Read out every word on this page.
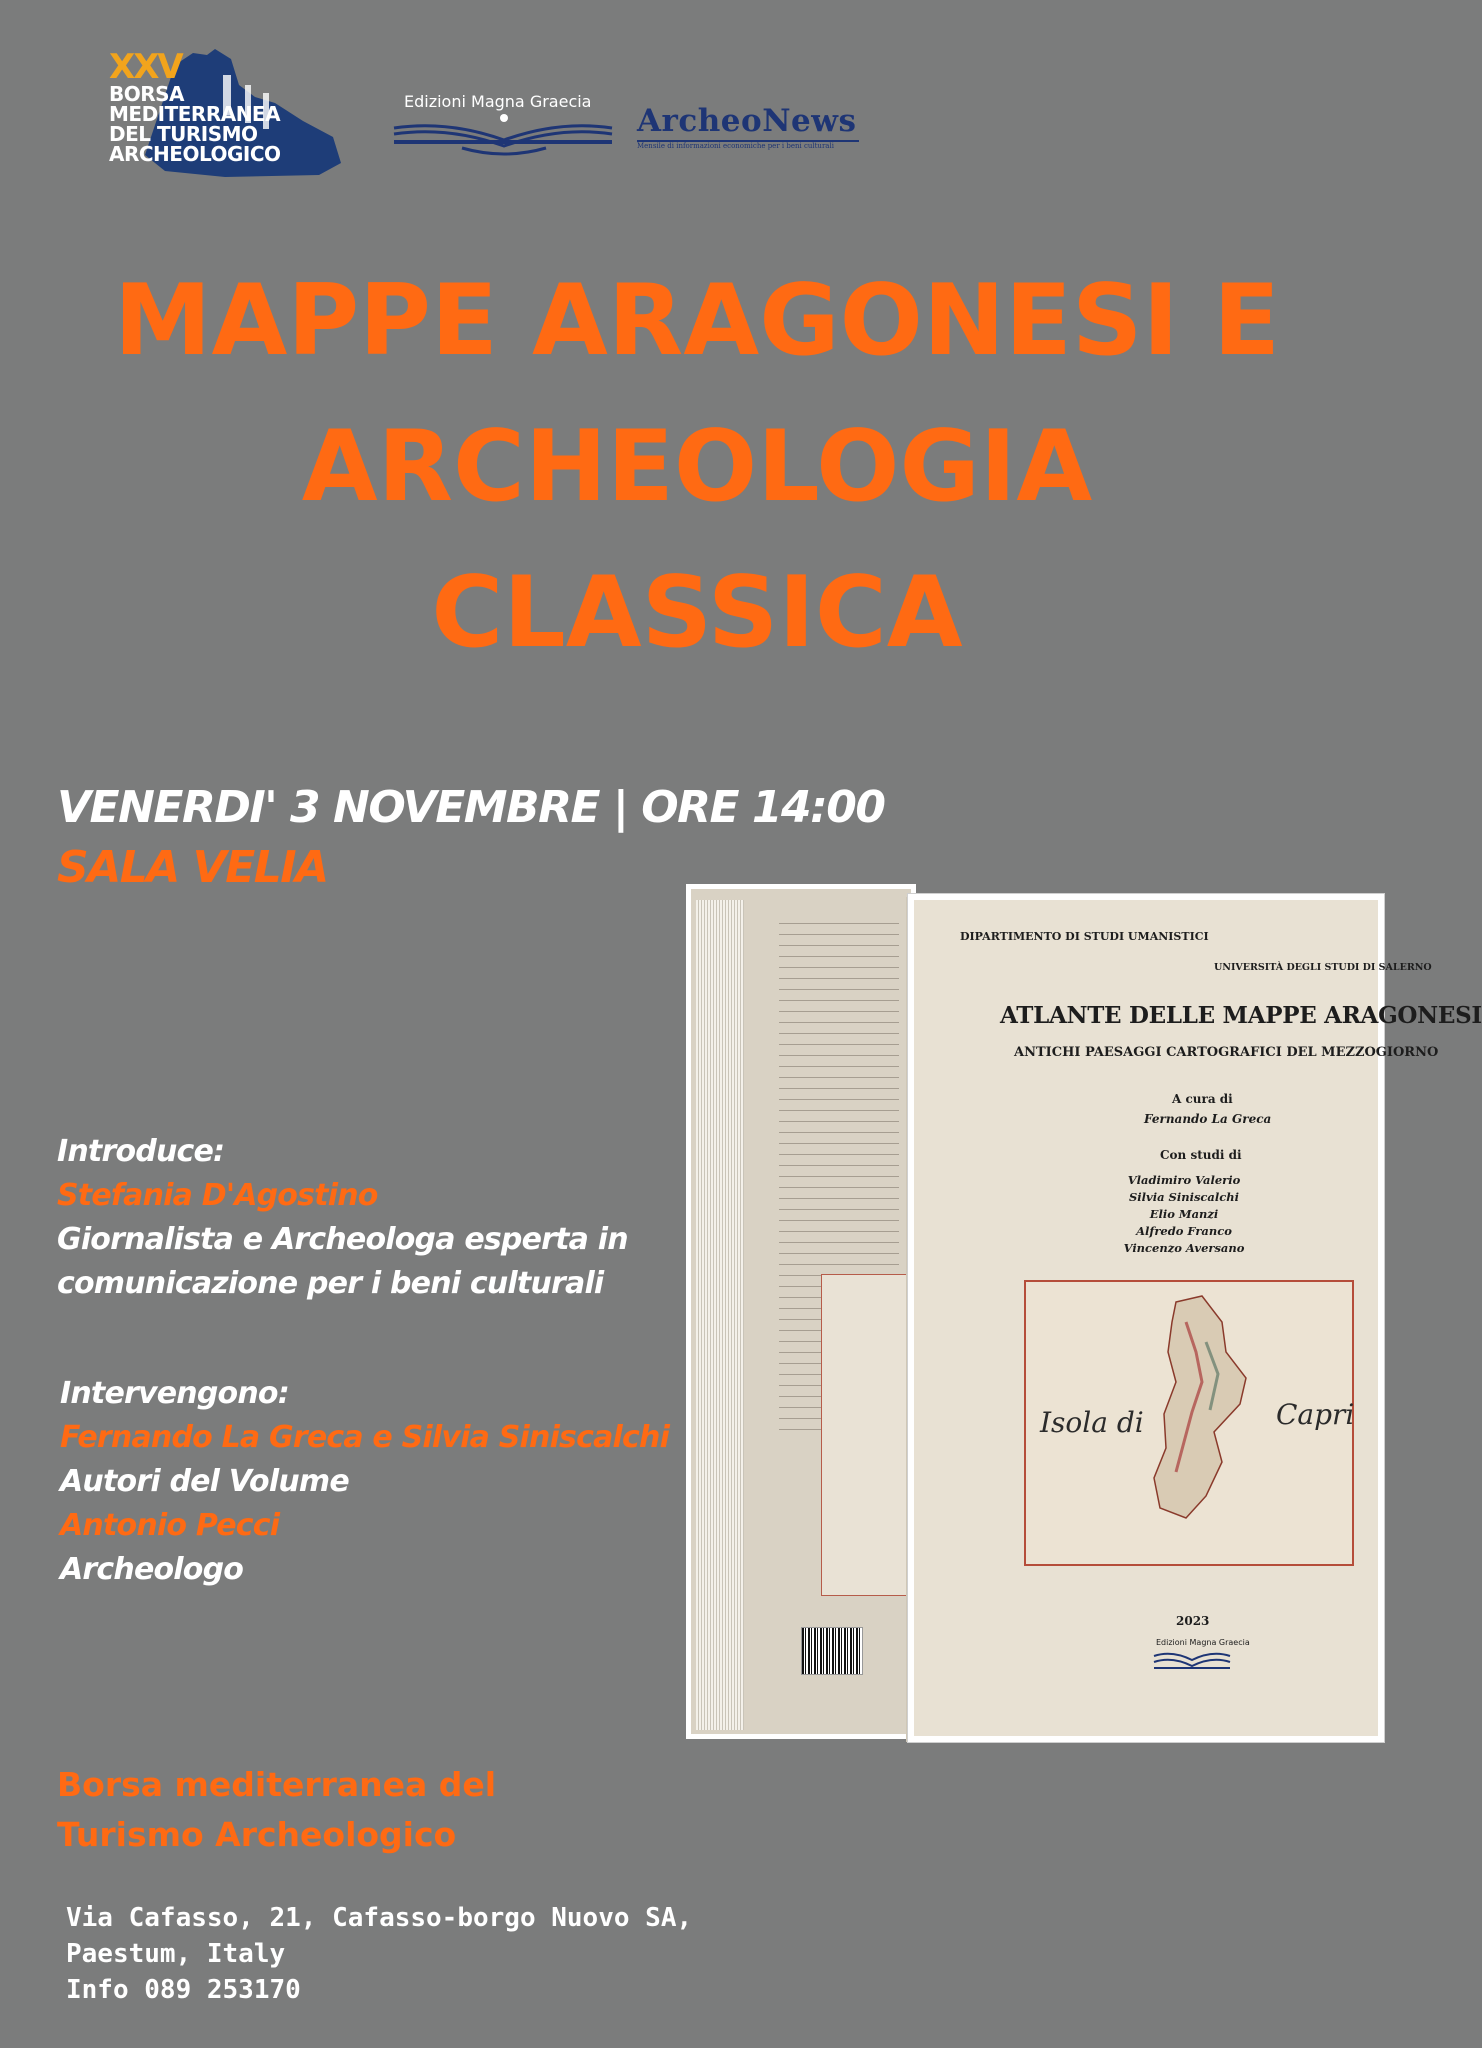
XXV
BORSA
MEDITERRANEA
DEL TURISMO
ARCHEOLOGICO
Edizioni Magna Graecia
ArcheoNews
Mensile di informazioni economiche per i beni culturali
MAPPE ARAGONESI E
ARCHEOLOGIA
CLASSICA
VENERDI' 3 NOVEMBRE | ORE 14:00
SALA VELIA
Introduce:
Stefania D'Agostino
Giornalista e Archeologa esperta in
comunicazione per i beni culturali
Intervengono:
Fernando La Greca e Silvia Siniscalchi
Autori del Volume
Antonio Pecci
Archeologo

DIPARTIMENTO DI STUDI UMANISTICI
UNIVERSITÀ DEGLI STUDI DI SALERNO
ATLANTE DELLE MAPPE ARAGONESI
ANTICHI PAESAGGI CARTOGRAFICI DEL MEZZOGIORNO
A cura di
Fernando La Greca
Con studi di
Vladimiro Valerio
Silvia Siniscalchi
Elio Manzi
Alfredo Franco
Vincenzo Aversano
Isola di	Capri
2023
Edizioni Magna Graecia
Borsa mediterranea del
Turismo Archeologico
Via Cafasso, 21, Cafasso-borgo Nuovo SA,
Paestum, Italy
Info 089 253170
